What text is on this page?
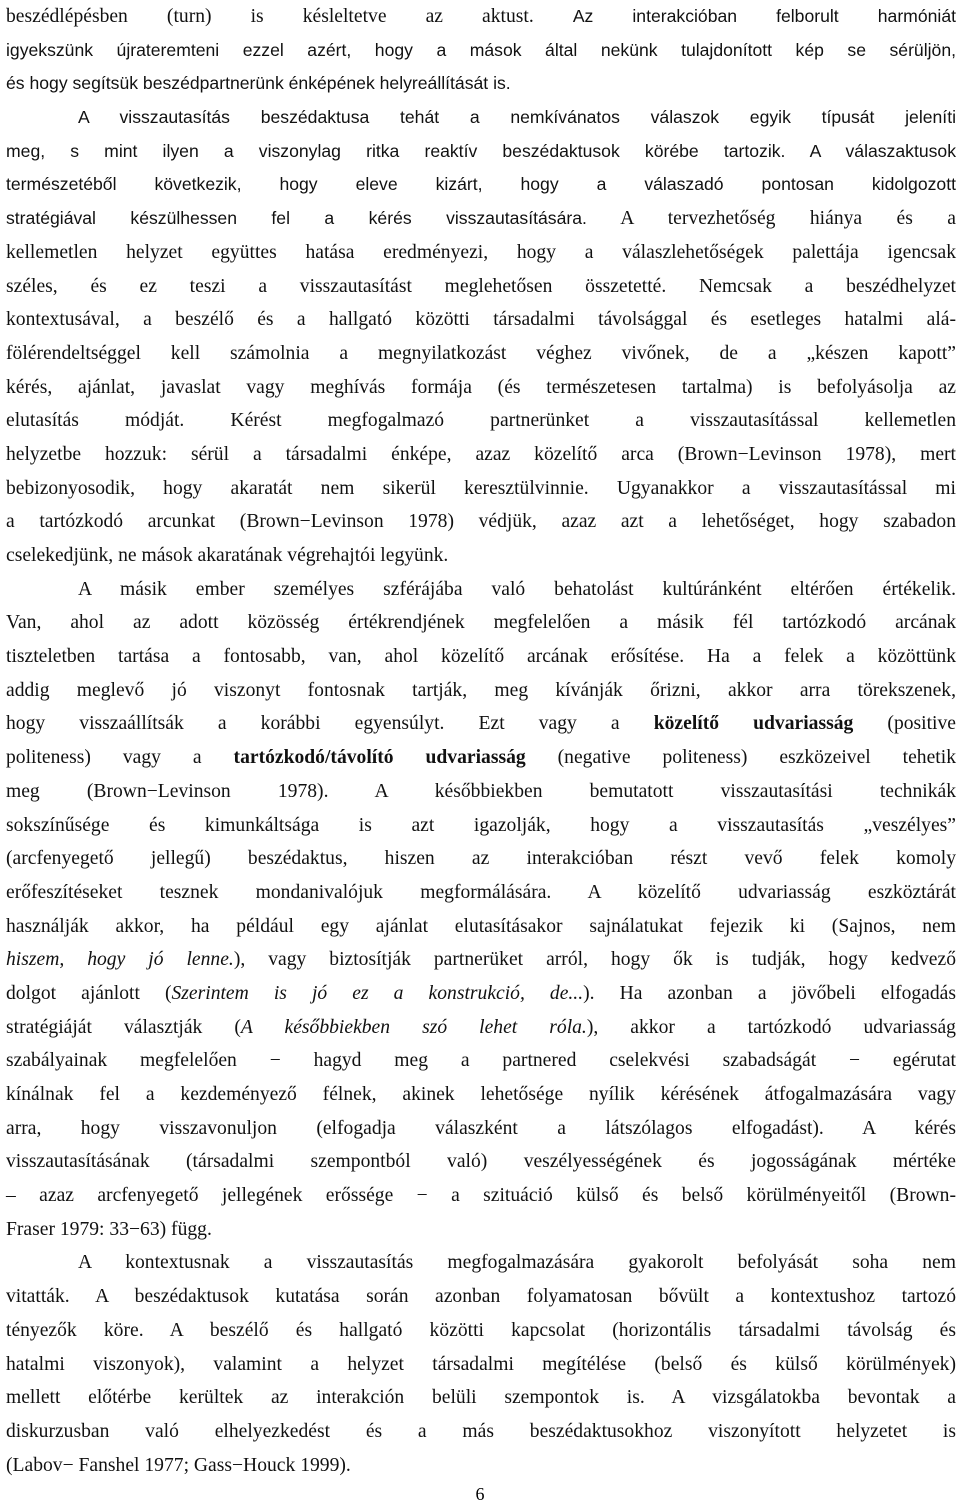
beszédlépésben (turn) is késleltetve az aktust. Az interakcióban felborult harmóniát
igyekszünk újrateremteni ezzel azért, hogy a mások által nekünk tulajdonított kép se sérüljön,
és hogy segítsük beszédpartnerünk énképének helyreállítását is.
A visszautasítás beszédaktusa tehát a nemkívánatos válaszok egyik típusát jeleníti
meg, s mint ilyen a viszonylag ritka reaktív beszédaktusok körébe tartozik. A válaszaktusok
természetéből következik, hogy eleve kizárt, hogy a válaszadó pontosan kidolgozott
stratégiával készülhessen fel a kérés visszautasítására. A tervezhetőség hiánya és a
kellemetlen helyzet együttes hatása eredményezi, hogy a válaszlehetőségek palettája igencsak
széles, és ez teszi a visszautasítást meglehetősen összetetté. Nemcsak a beszédhelyzet
kontextusával, a beszélő és a hallgató közötti társadalmi távolsággal és esetleges hatalmi alá-
fölérendeltséggel kell számolnia a megnyilatkozást véghez vivőnek, de a „készen kapott”
kérés, ajánlat, javaslat vagy meghívás formája (és természetesen tartalma) is befolyásolja az
elutasítás módját. Kérést megfogalmazó partnerünket a visszautasítással kellemetlen
helyzetbe hozzuk: sérül a társadalmi énképe, azaz közelítő arca (Brown−Levinson 1978), mert
bebizonyosodik, hogy akaratát nem sikerül keresztülvinnie. Ugyanakkor a visszautasítással mi
a tartózkodó arcunkat (Brown−Levinson 1978) védjük, azaz azt a lehetőséget, hogy szabadon
cselekedjünk, ne mások akaratának végrehajtói legyünk.
A másik ember személyes szférájába való behatolást kultúránként eltérően értékelik.
Van, ahol az adott közösség értékrendjének megfelelően a másik fél tartózkodó arcának
tiszteletben tartása a fontosabb, van, ahol közelítő arcának erősítése. Ha a felek a közöttünk
addig meglevő jó viszonyt fontosnak tartják, meg kívánják őrizni, akkor arra törekszenek,
hogy visszaállítsák a korábbi egyensúlyt. Ezt vagy a közelítő udvariasság (positive
politeness) vagy a tartózkodó/távolító udvariasság (negative politeness) eszközeivel tehetik
meg (Brown−Levinson 1978). A későbbiekben bemutatott visszautasítási technikák
sokszínűsége és kimunkáltsága is azt igazolják, hogy a visszautasítás „veszélyes”
(arcfenyegető jellegű) beszédaktus, hiszen az interakcióban részt vevő felek komoly
erőfeszítéseket tesznek mondanivalójuk megformálására. A közelítő udvariasság eszköztárát
használják akkor, ha például egy ajánlat elutasításakor sajnálatukat fejezik ki (Sajnos, nem
hiszem, hogy jó lenne.), vagy biztosítják partnerüket arról, hogy ők is tudják, hogy kedvező
dolgot ajánlott (Szerintem is jó ez a konstrukció, de...). Ha azonban a jövőbeli elfogadás
stratégiáját választják (A későbbiekben szó lehet róla.), akkor a tartózkodó udvariasság
szabályainak megfelelően − hagyd meg a partnered cselekvési szabadságát − egérutat
kínálnak fel a kezdeményező félnek, akinek lehetősége nyílik kérésének átfogalmazására vagy
arra, hogy visszavonuljon (elfogadja válaszként a látszólagos elfogadást). A kérés
visszautasításának (társadalmi szempontból való) veszélyességének és jogosságának mértéke
– azaz arcfenyegető jellegének erőssége − a szituáció külső és belső körülményeitől (Brown-
Fraser 1979: 33−63) függ.
A kontextusnak a visszautasítás megfogalmazására gyakorolt befolyását soha nem
vitatták. A beszédaktusok kutatása során azonban folyamatosan bővült a kontextushoz tartozó
tényezők köre. A beszélő és hallgató közötti kapcsolat (horizontális társadalmi távolság és
hatalmi viszonyok), valamint a helyzet társadalmi megítélése (belső és külső körülmények)
mellett előtérbe kerültek az interakción belüli szempontok is. A vizsgálatokba bevontak a
diskurzusban való elhelyezkedést és a más beszédaktusokhoz viszonyított helyzetet is
(Labov− Fanshel 1977; Gass−Houck 1999).
6
